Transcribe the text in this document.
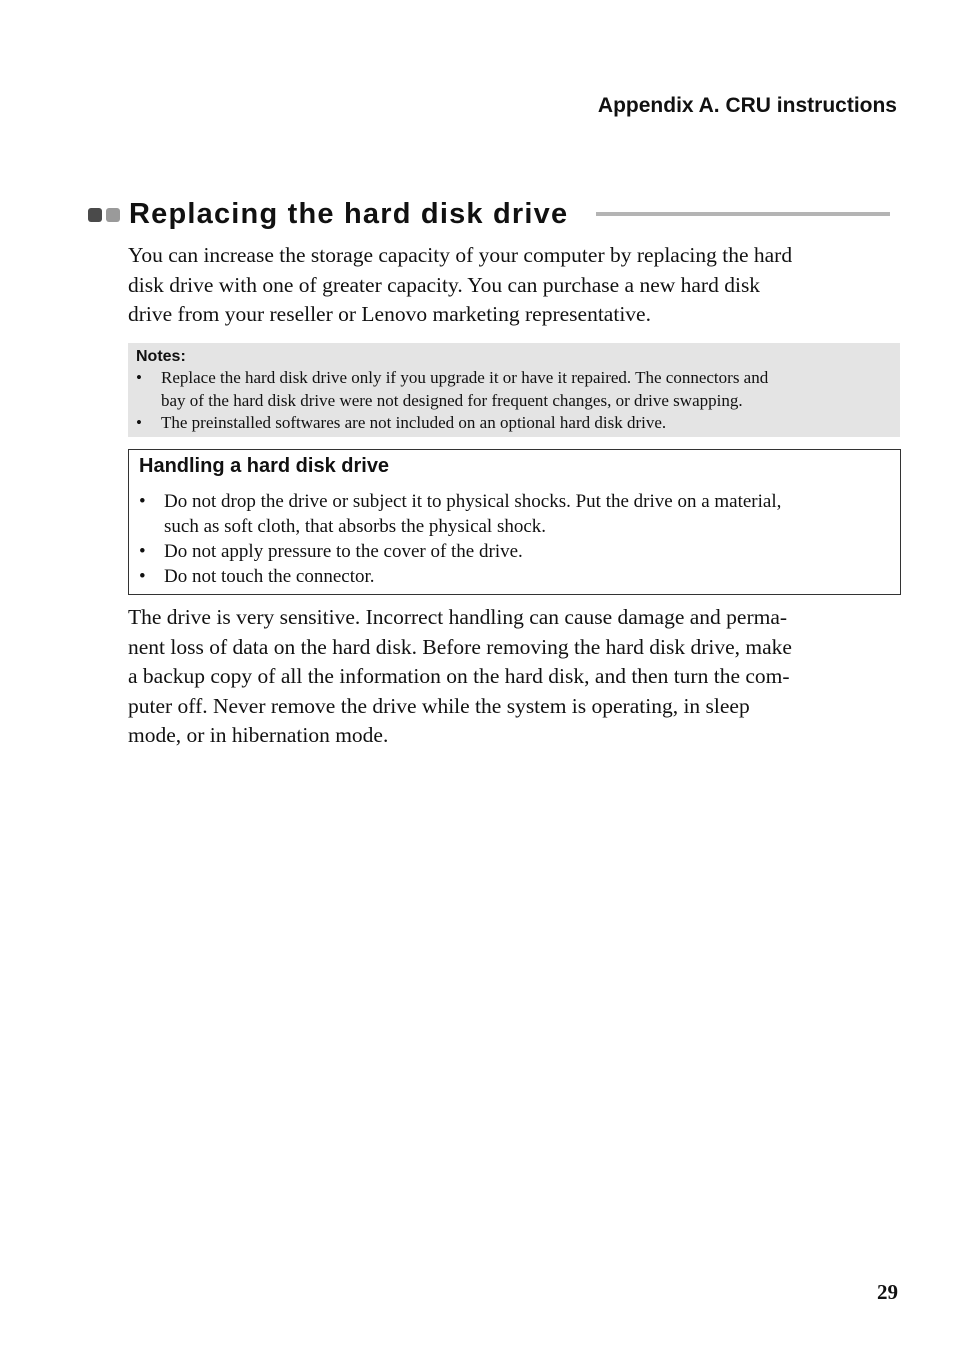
Appendix A. CRU instructions
Replacing the hard disk drive

You can increase the storage capacity of your computer by replacing the hard
disk drive with one of greater capacity. You can purchase a new hard disk
drive from your reseller or Lenovo marketing representative.

Notes:
• Replace the hard disk drive only if you upgrade it or have it repaired. The connectors and
bay of the hard disk drive were not designed for frequent changes, or drive swapping.
• The preinstalled softwares are not included on an optional hard disk drive.
Handling a hard disk drive
• Do not drop the drive or subject it to physical shocks. Put the drive on a material,
such as soft cloth, that absorbs the physical shock.
• Do not apply pressure to the cover of the drive.
• Do not touch the connector.

The drive is very sensitive. Incorrect handling can cause damage and perma-
nent loss of data on the hard disk. Before removing the hard disk drive, make
a backup copy of all the information on the hard disk, and then turn the com-
puter off. Never remove the drive while the system is operating, in sleep
mode, or in hibernation mode.

29
